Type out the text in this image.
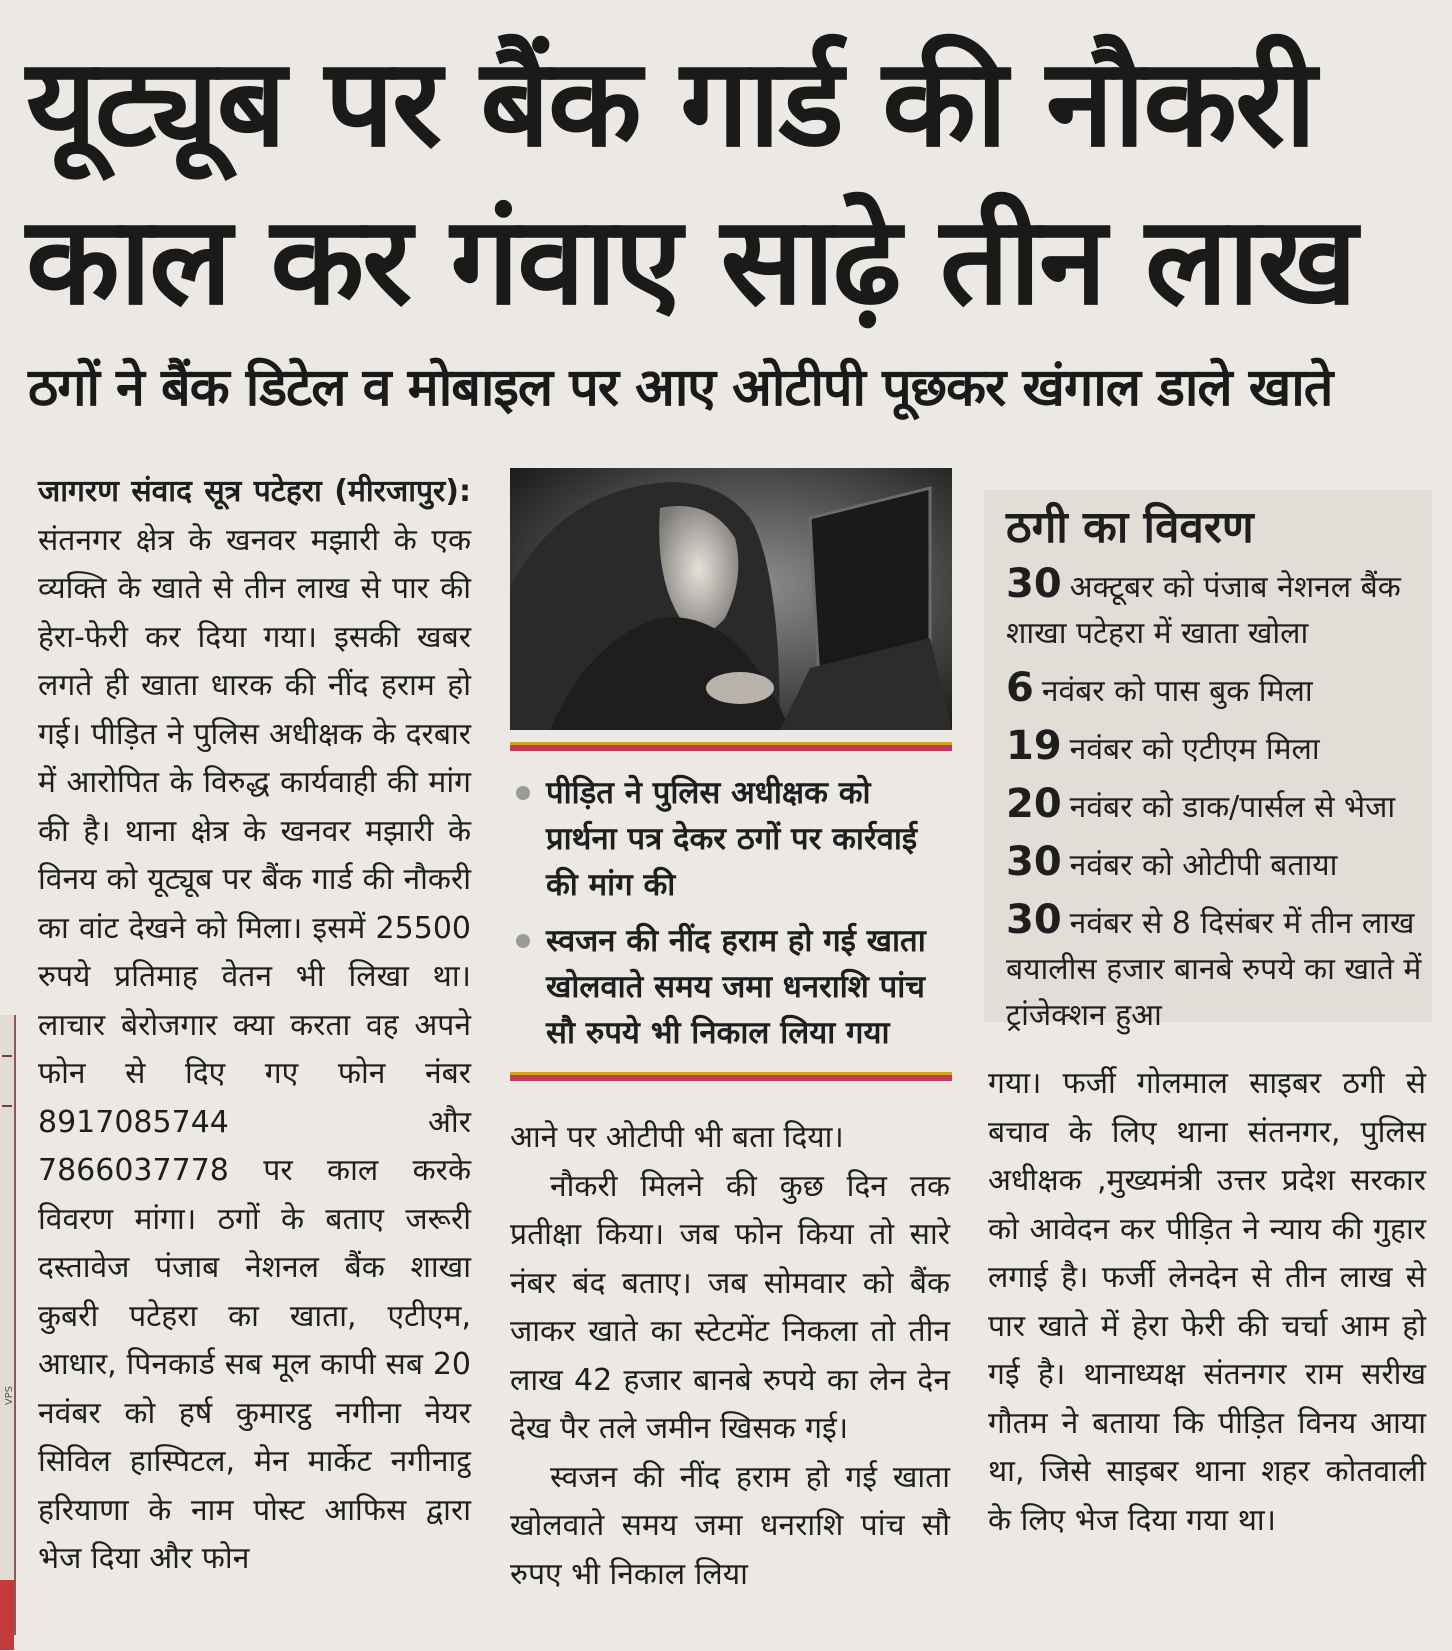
VPS
यूट्यूब पर बैंक गार्ड की नौकरी
काल कर गंवाए साढ़े तीन लाख
ठगों ने बैंक डिटेल व मोबाइल पर आए ओटीपी पूछकर खंगाल डाले खाते

जागरण संवाद सूत्र पटेहरा (मीरजापुर): संतनगर क्षेत्र के खनवर मझारी के एक व्यक्ति के खाते से तीन लाख से पार की हेरा-फेरी कर दिया गया। इसकी खबर लगते ही खाता धारक की नींद हराम हो गई। पीड़ित ने पुलिस अधीक्षक के दरबार में आरोपित के विरुद्ध कार्यवाही की मांग की है। थाना क्षेत्र के खनवर मझारी के विनय को यूट्यूब पर बैंक गार्ड की नौकरी का वांट देखने को मिला। इसमें 25500 रुपये प्रतिमाह वेतन भी लिखा था। लाचार बेरोजगार क्या करता वह अपने फोन से दिए गए फोन नंबर 8917085744 और 7866037778 पर काल करके विवरण मांगा। ठगों के बताए जरूरी दस्तावेज पंजाब नेशनल बैंक शाखा कुबरी पटेहरा का खाता, एटीएम, आधार, पिनकार्ड सब मूल कापी सब 20 नवंबर को हर्ष कुमारट्ठ नगीना नेयर सिविल हास्पिटल, मेन मार्केट नगीनाट्ठ हरियाणा के नाम पोस्ट आफिस द्वारा भेज दिया और फोन

पीड़ित ने पुलिस अधीक्षक को प्रार्थना पत्र देकर ठगों पर कार्रवाई की मांग की
स्वजन की नींद हराम हो गई खाता खोलवाते समय जमा धनराशि पांच सौ रुपये भी निकाल लिया गया

आने पर ओटीपी भी बता दिया।

नौकरी मिलने की कुछ दिन तक प्रतीक्षा किया। जब फोन किया तो सारे नंबर बंद बताए। जब सोमवार को बैंक जाकर खाते का स्टेटमेंट निकला तो तीन लाख 42 हजार बानबे रुपये का लेन देन देख पैर तले जमीन खिसक गई।

स्वजन की नींद हराम हो गई खाता खोलवाते समय जमा धनराशि पांच सौ रुपए भी निकाल लिया

ठगी का विवरण
30 अक्टूबर को पंजाब नेशनल बैंक शाखा पटेहरा में खाता खोला
6 नवंबर को पास बुक मिला
19 नवंबर को एटीएम मिला
20 नवंबर को डाक/पार्सल से भेजा
30 नवंबर को ओटीपी बताया
30 नवंबर से 8 दिसंबर में तीन लाख बयालीस हजार बानबे रुपये का खाते में ट्रांजेक्शन हुआ

गया। फर्जी गोलमाल साइबर ठगी से बचाव के लिए थाना संतनगर, पुलिस अधीक्षक ,मुख्यमंत्री उत्तर प्रदेश सरकार को आवेदन कर पीड़ित ने न्याय की गुहार लगाई है। फर्जी लेनदेन से तीन लाख से पार खाते में हेरा फेरी की चर्चा आम हो गई है। थानाध्यक्ष संतनगर राम सरीख गौतम ने बताया कि पीड़ित विनय आया था, जिसे साइबर थाना शहर कोतवाली के लिए भेज दिया गया था।
